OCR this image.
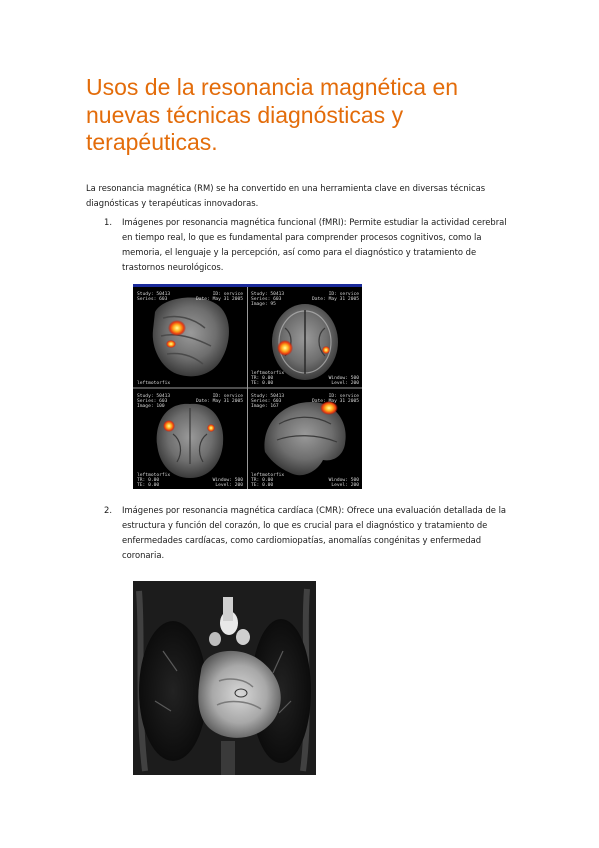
Usos de la resonancia magnética en nuevas técnicas diagnósticas y terapéuticas.

La resonancia magnética (RM) se ha convertido en una herramienta clave en diversas técnicas diagnósticas y terapéuticas innovadoras.

1. Imágenes por resonancia magnética funcional (fMRI): Permite estudiar la actividad cerebral en tiempo real, lo que es fundamental para comprender procesos cognitivos, como la memoria, el lenguaje y la percepción, así como para el diagnóstico y tratamiento de trastornos neurológicos.
Study: 50413
Series: 603
ID: service
Date: May 31 2005
leftmotorfix
Study: 50413
Series: 603
Image: 95
ID: service
Date: May 31 2005
leftmotorfix
TR: 0.00
TE: 0.00
Window: 500
Level: 200
Study: 50413
Series: 603
Image: 100
ID: service
Date: May 31 2005
leftmotorfix
TR: 0.00
TE: 0.00
Window: 500
Level: 200
Study: 50413
Series: 603
Image: 167
ID: service
Date: May 31 2005
leftmotorfix
TR: 0.00
TE: 0.00
Window: 500
Level: 200
2. Imágenes por resonancia magnética cardíaca (CMR): Ofrece una evaluación detallada de la estructura y función del corazón, lo que es crucial para el diagnóstico y tratamiento de enfermedades cardíacas, como cardiomiopatías, anomalías congénitas y enfermedad coronaria.
